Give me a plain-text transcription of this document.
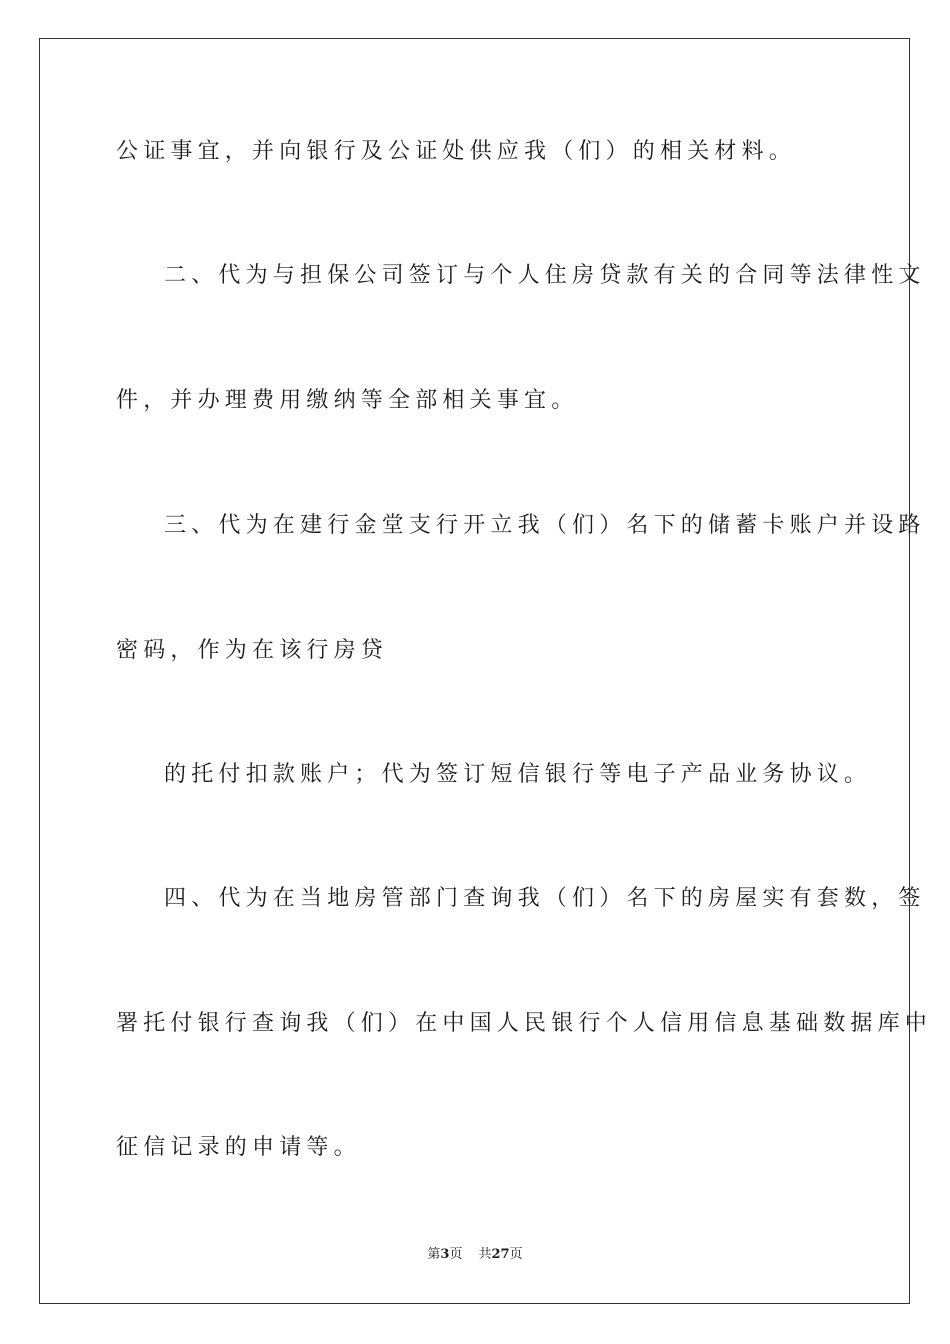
公证事宜，并向银行及公证处供应我（们）的相关材料。
二、代为与担保公司签订与个人住房贷款有关的合同等法律性文
件，并办理费用缴纳等全部相关事宜。
三、代为在建行金堂支行开立我（们）名下的储蓄卡账户并设路
密码，作为在该行房贷
的托付扣款账户；代为签订短信银行等电子产品业务协议。
四、代为在当地房管部门查询我（们）名下的房屋实有套数，签
署托付银行查询我（们）在中国人民银行个人信用信息基础数据库中
征信记录的申请等。
第3页 共27页
